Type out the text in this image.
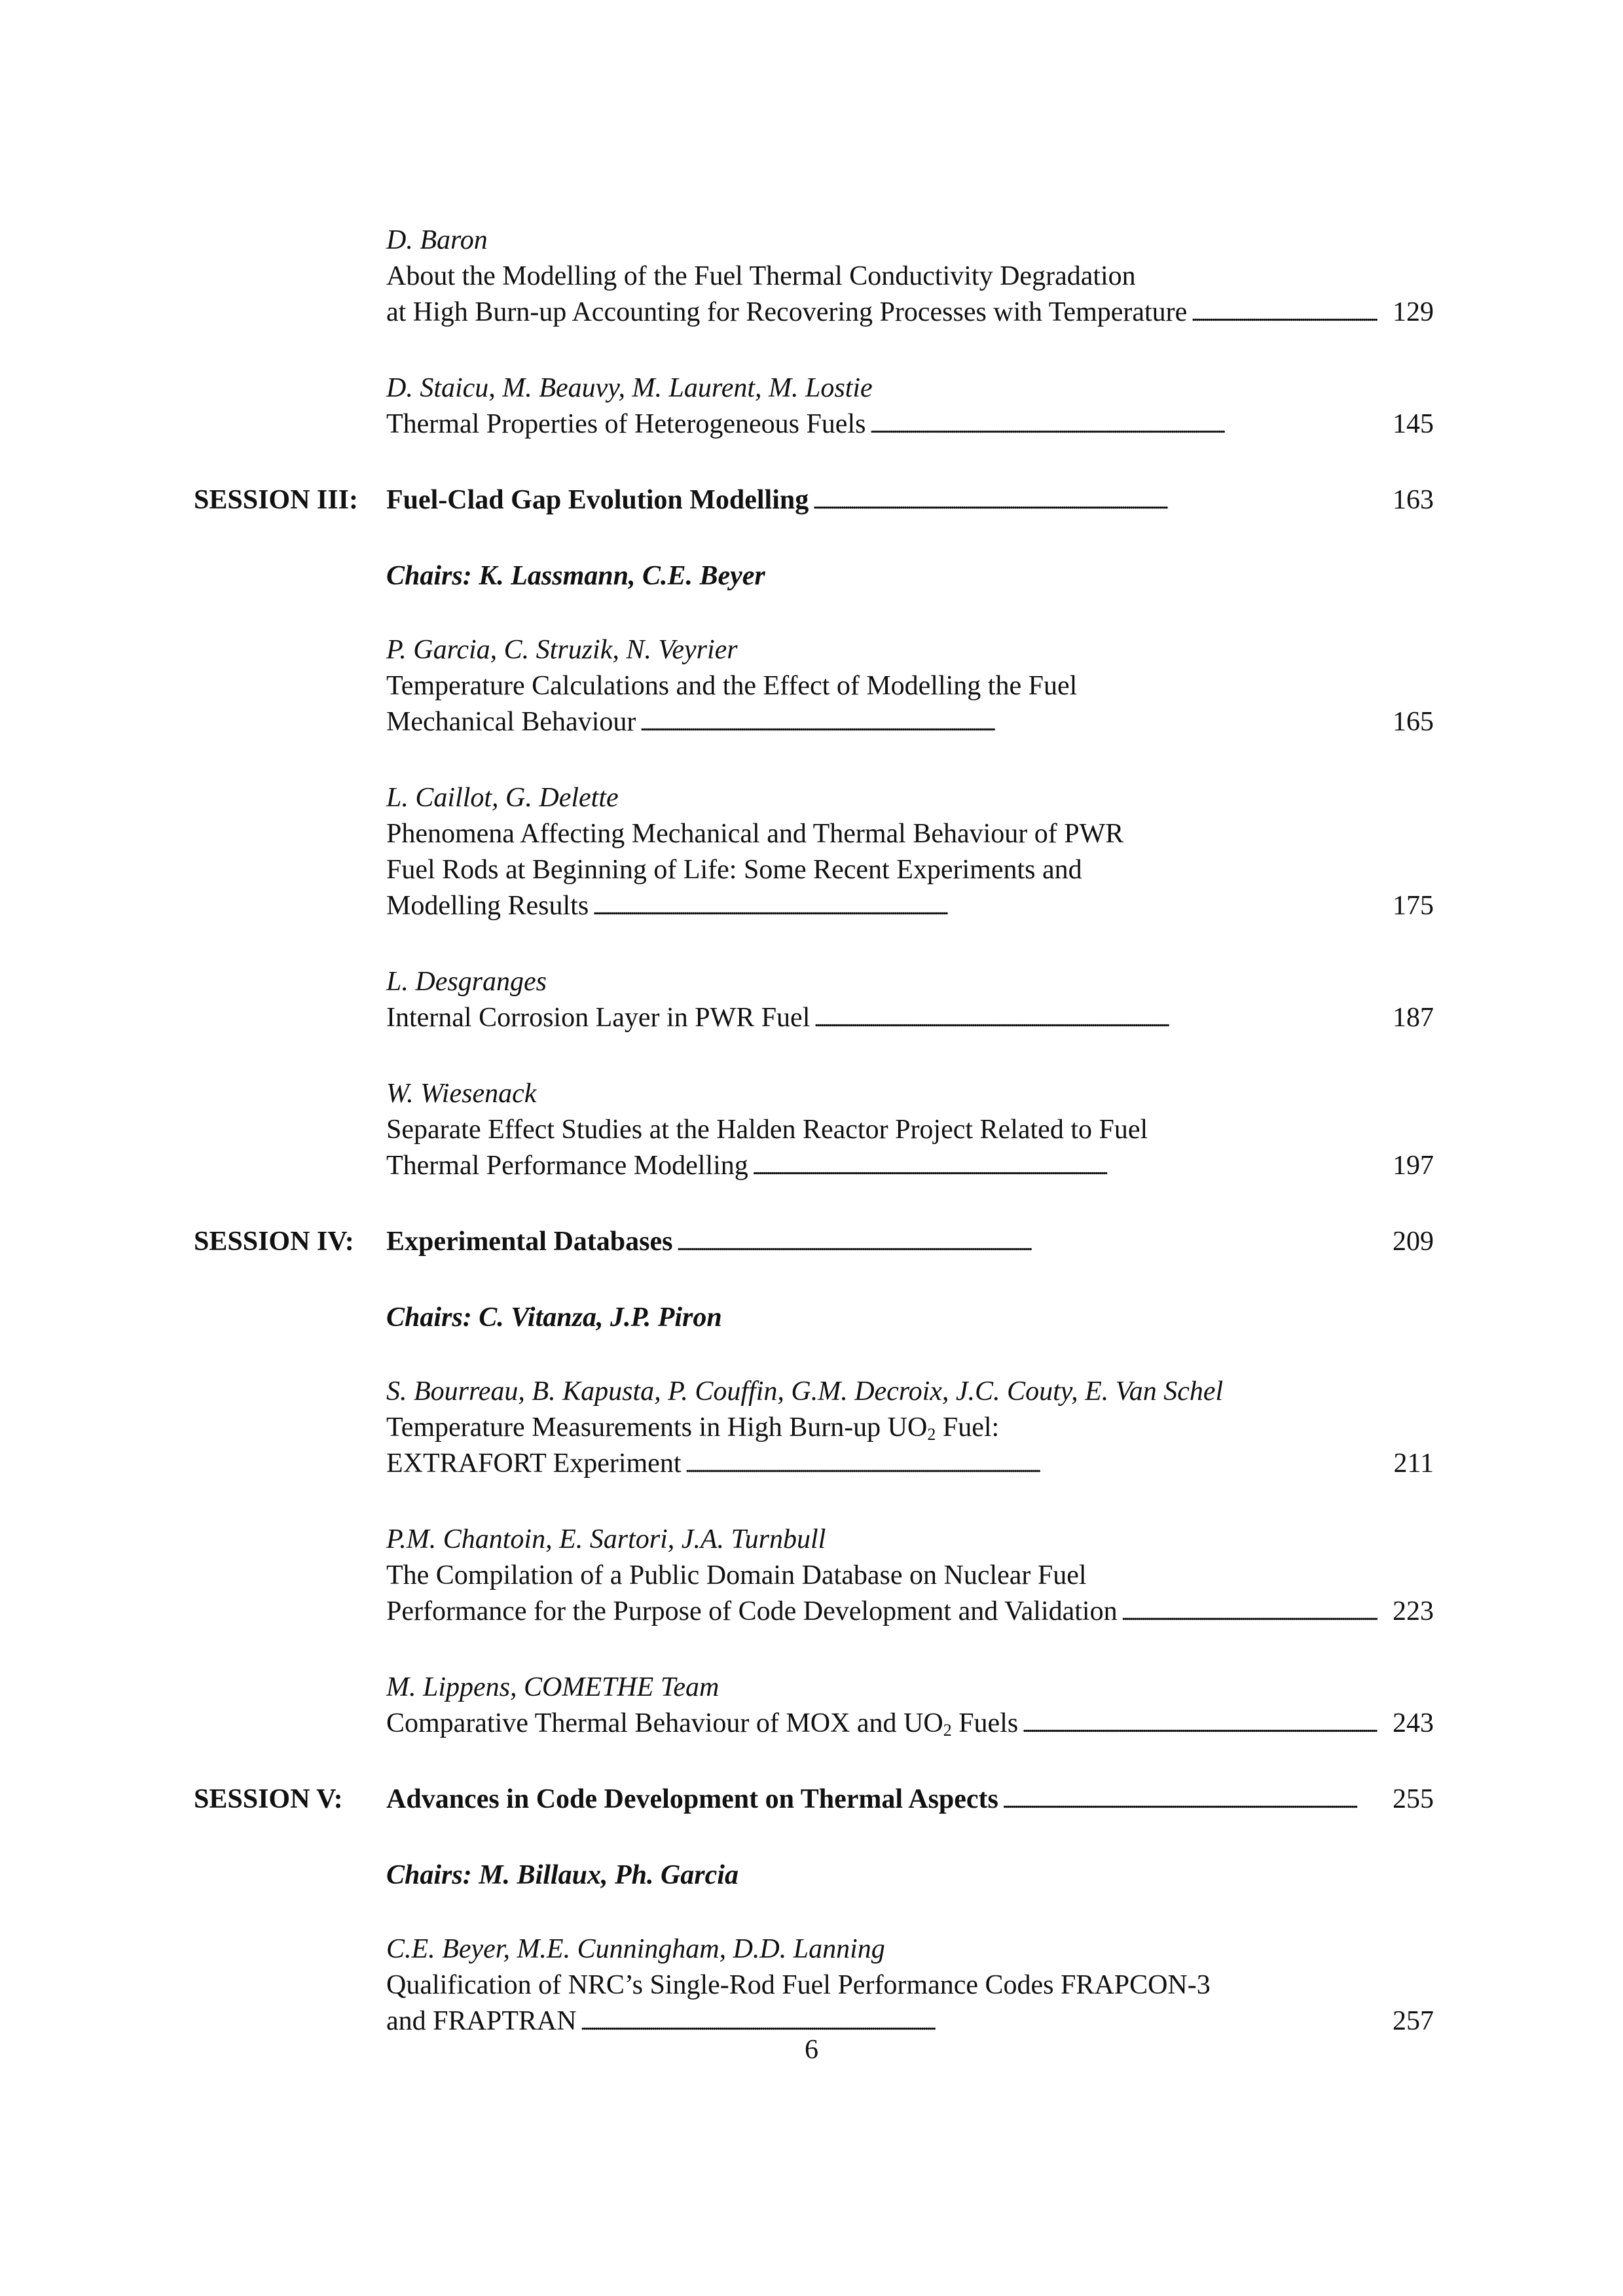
D. Baron
About the Modelling of the Fuel Thermal Conductivity Degradation
at High Burn-up Accounting for Recovering Processes with Temperature . . .	129
D. Staicu, M. Beauvy, M. Laurent, M. Lostie
Thermal Properties of Heterogeneous Fuels . . .	145
SESSION III: Fuel-Clad Gap Evolution Modelling . . .	163
Chairs: K. Lassmann, C.E. Beyer
P. Garcia, C. Struzik, N. Veyrier
Temperature Calculations and the Effect of Modelling the Fuel
Mechanical Behaviour . . .	165
L. Caillot, G. Delette
Phenomena Affecting Mechanical and Thermal Behaviour of PWR
Fuel Rods at Beginning of Life: Some Recent Experiments and
Modelling Results . . .	175
L. Desgranges
Internal Corrosion Layer in PWR Fuel . . .	187
W. Wiesenack
Separate Effect Studies at the Halden Reactor Project Related to Fuel
Thermal Performance Modelling . . .	197
SESSION IV: Experimental Databases . . .	209
Chairs: C. Vitanza, J.P. Piron
S. Bourreau, B. Kapusta, P. Couffin, G.M. Decroix, J.C. Couty, E. Van Schel
Temperature Measurements in High Burn-up $UO_2$ Fuel:
EXTRAFORT Experiment . . .	211
P.M. Chantoin, E. Sartori, J.A. Turnbull
The Compilation of a Public Domain Database on Nuclear Fuel
Performance for the Purpose of Code Development and Validation . . .	223
M. Lippens, COMETHE Team
Comparative Thermal Behaviour of MOX and $UO_2$ Fuels . . .	243
SESSION V: Advances in Code Development on Thermal Aspects . . .	255
Chairs: M. Billaux, Ph. Garcia
C.E. Beyer, M.E. Cunningham, D.D. Lanning
Qualification of NRC’s Single-Rod Fuel Performance Codes FRAPCON-3
and FRAPTRAN . . .	257
6
